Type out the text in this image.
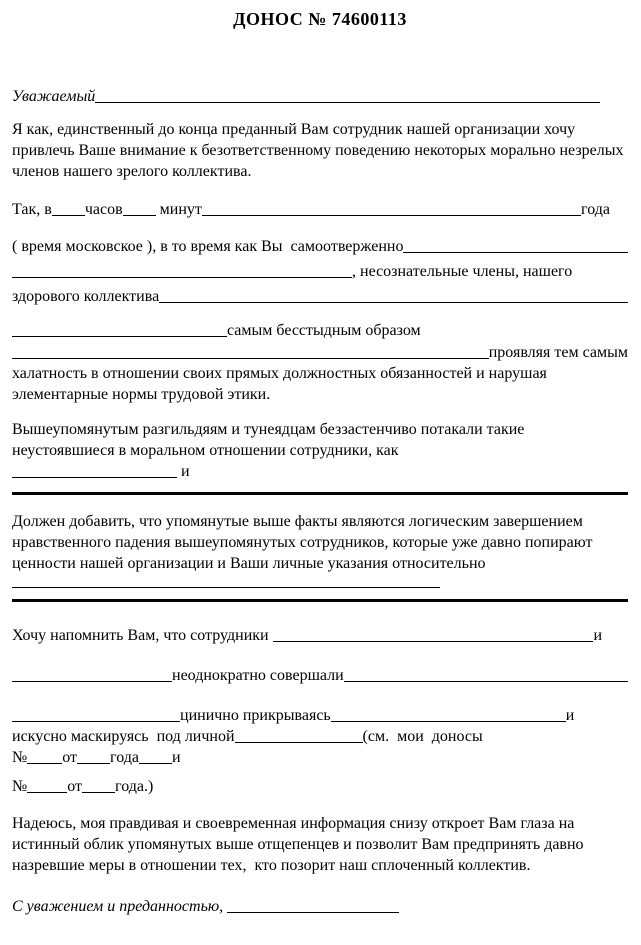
ДОНОС № 74600113
Уважаемый
Я как, единственный до конца преданный Вам сотрудник нашей организации хочу привлечь Ваше внимание к безответственному поведению некоторых морально незрелых членов нашего зрелого коллектива.
Так, в часов минут	года
( время московское ), в то время как Вы  самоотверженно
, несознательные члены, нашего
здорового коллектива
самым бесстыдным образом
проявляя тем самым
халатность в отношении своих прямых должностных обязанностей и нарушая элементарные нормы трудовой этики.
Вышеупомянутым разгильдяям и тунеядцам беззастенчиво потакали такие неустоявшиеся в моральном отношении сотрудники, как
и
Должен добавить, что упомянутые выше факты являются логическим завершением нравственного падения вышеупомянутых сотрудников, которые уже давно попирают ценности нашей организации и Ваши личные указания относительно
Хочу напомнить Вам, что сотрудники	и
неоднократно совершали
цинично прикрываясь	и
искусно маскируясь  под личной	(см.  мои  доносы
№ от года и
№	от года.)
Надеюсь, моя правдивая и своевременная информация снизу откроет Вам глаза на истинный облик упомянутых выше отщепенцев и позволит Вам предпринять давно назревшие меры в отношении тех,  кто позорит наш сплоченный коллектив.
С уважением и преданностью,
